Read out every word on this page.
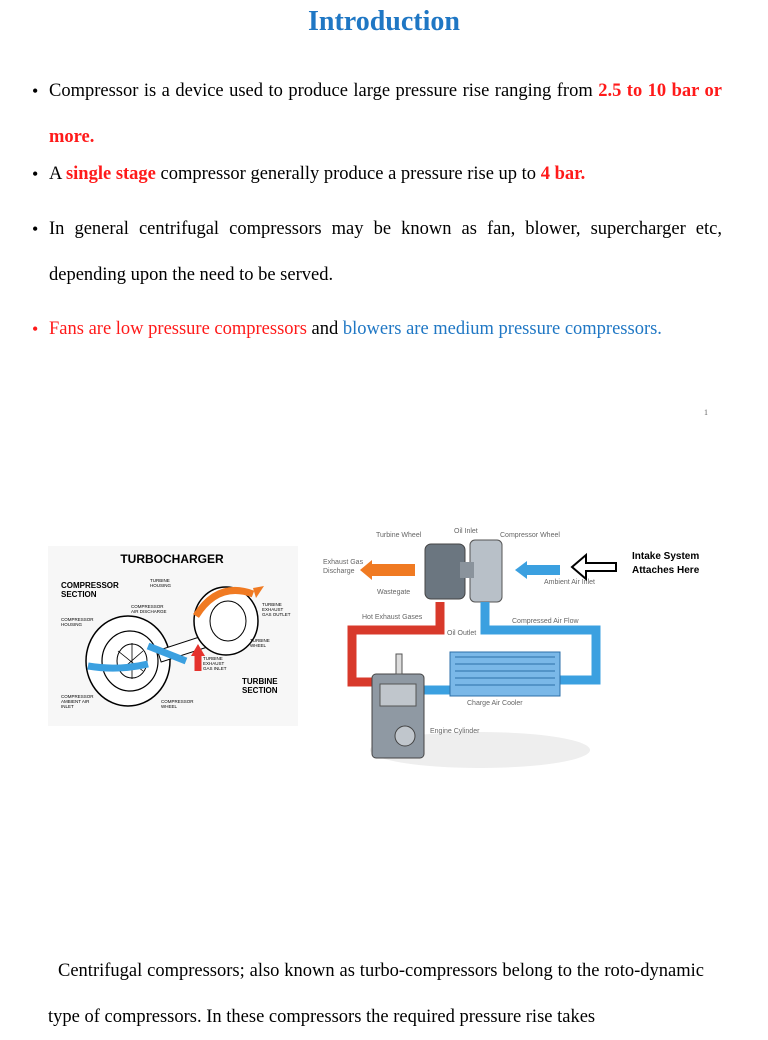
Introduction
• Compressor is a device used to produce large pressure rise ranging from 2.5 to 10 bar or more.
• A single stage compressor generally produce a pressure rise up to 4 bar.
• In general centrifugal compressors may be known as fan, blower, supercharger etc, depending upon the need to be served.
• Fans are low pressure compressors and blowers are medium pressure compressors.
1
TURBOCHARGER
COMPRESSOR SECTION
TURBINE SECTION
TURBINE HOUSING
COMPRESSOR AIR DISCHARGE
COMPRESSOR HOUSING
TURBINE EXHAUST GAS OUTLET
TURBINE WHEEL
TURBINE EXHAUST GAS INLET
COMPRESSOR AMBIENT AIR INLET
COMPRESSOR WHEEL
Turbine Wheel
Oil Inlet
Compressor Wheel
Exhaust Gas Discharge
Wastegate
Ambient Air Inlet
Intake System Attaches Here
Hot Exhaust Gases
Oil Outlet
Compressed Air Flow
Charge Air Cooler
Engine Cylinder
Centrifugal compressors; also known as turbo-compressors belong to the roto-dynamic type of compressors. In these compressors the required pressure rise takes
